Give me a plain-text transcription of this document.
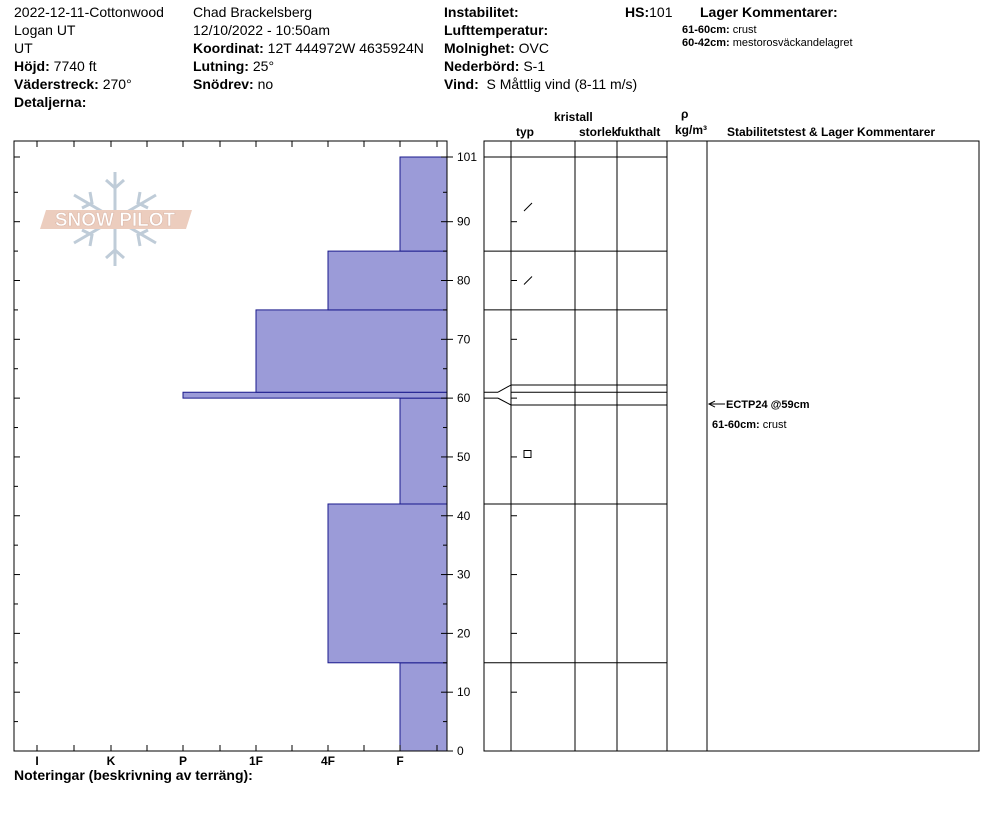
2022-12-11-Cottonwood
Logan UT
UT
Höjd: 7740 ft
Väderstreck: 270°
Detaljerna:
Chad Brackelsberg
12/10/2022 - 10:50am
Koordinat: 12T 444972W 4635924N
Lutning: 25°
Snödrev: no
Instabilitet:
Lufttemperatur:
Molnighet: OVC
Nederbörd: S-1
Vind: S Måttlig vind (8-11 m/s)
HS:101 Lager Kommentarer:
61-60cm: crust
60-42cm: mestorosväckandelagret
kristall
typ	storlek
fukthalt
ρ
kg/m³ Stabilitetstest & Lager Kommentarer
ECTP24 @59cm
61-60cm: crust
Noteringar (beskrivning av terräng):
SNOW PILOT
0
10
20
30
40
50
60
70
80
90
101
I	K	P	1F	4F	F
